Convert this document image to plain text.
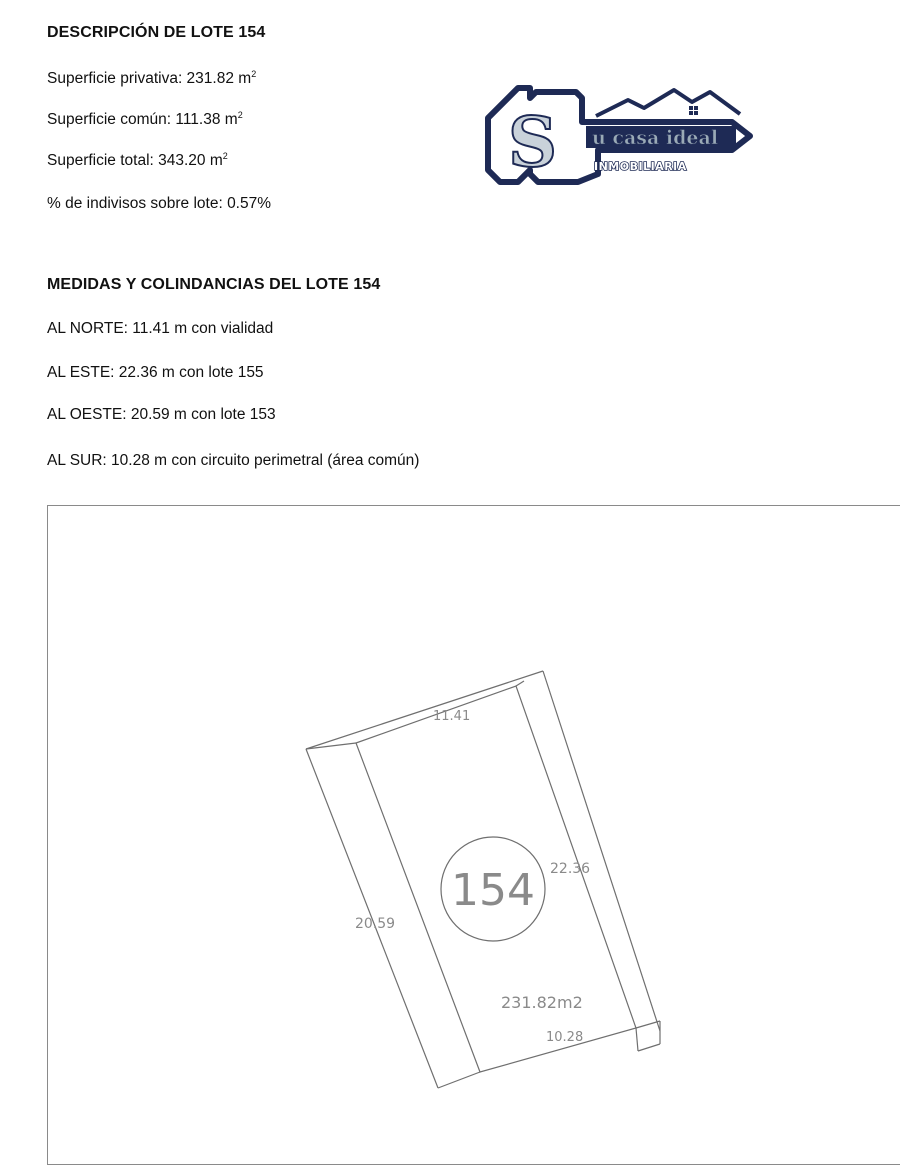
DESCRIPCIÓN DE LOTE 154
Superficie privativa: 231.82 $m^2$
Superficie común: 111.38 $m^2$
Superficie total: 343.20 $m^2$
% de indivisos sobre lote: 0.57%
S u casa ideal
INMOBILIARIA
MEDIDAS Y COLINDANCIAS DEL LOTE 154
AL NORTE: 11.41 m con vialidad
AL ESTE: 22.36 m con lote 155
AL OESTE: 20.59 m con lote 153
AL SUR: 10.28 m con circuito perimetral (área común)
11.41
22.36
20.59
154
231.82m2
10.28
